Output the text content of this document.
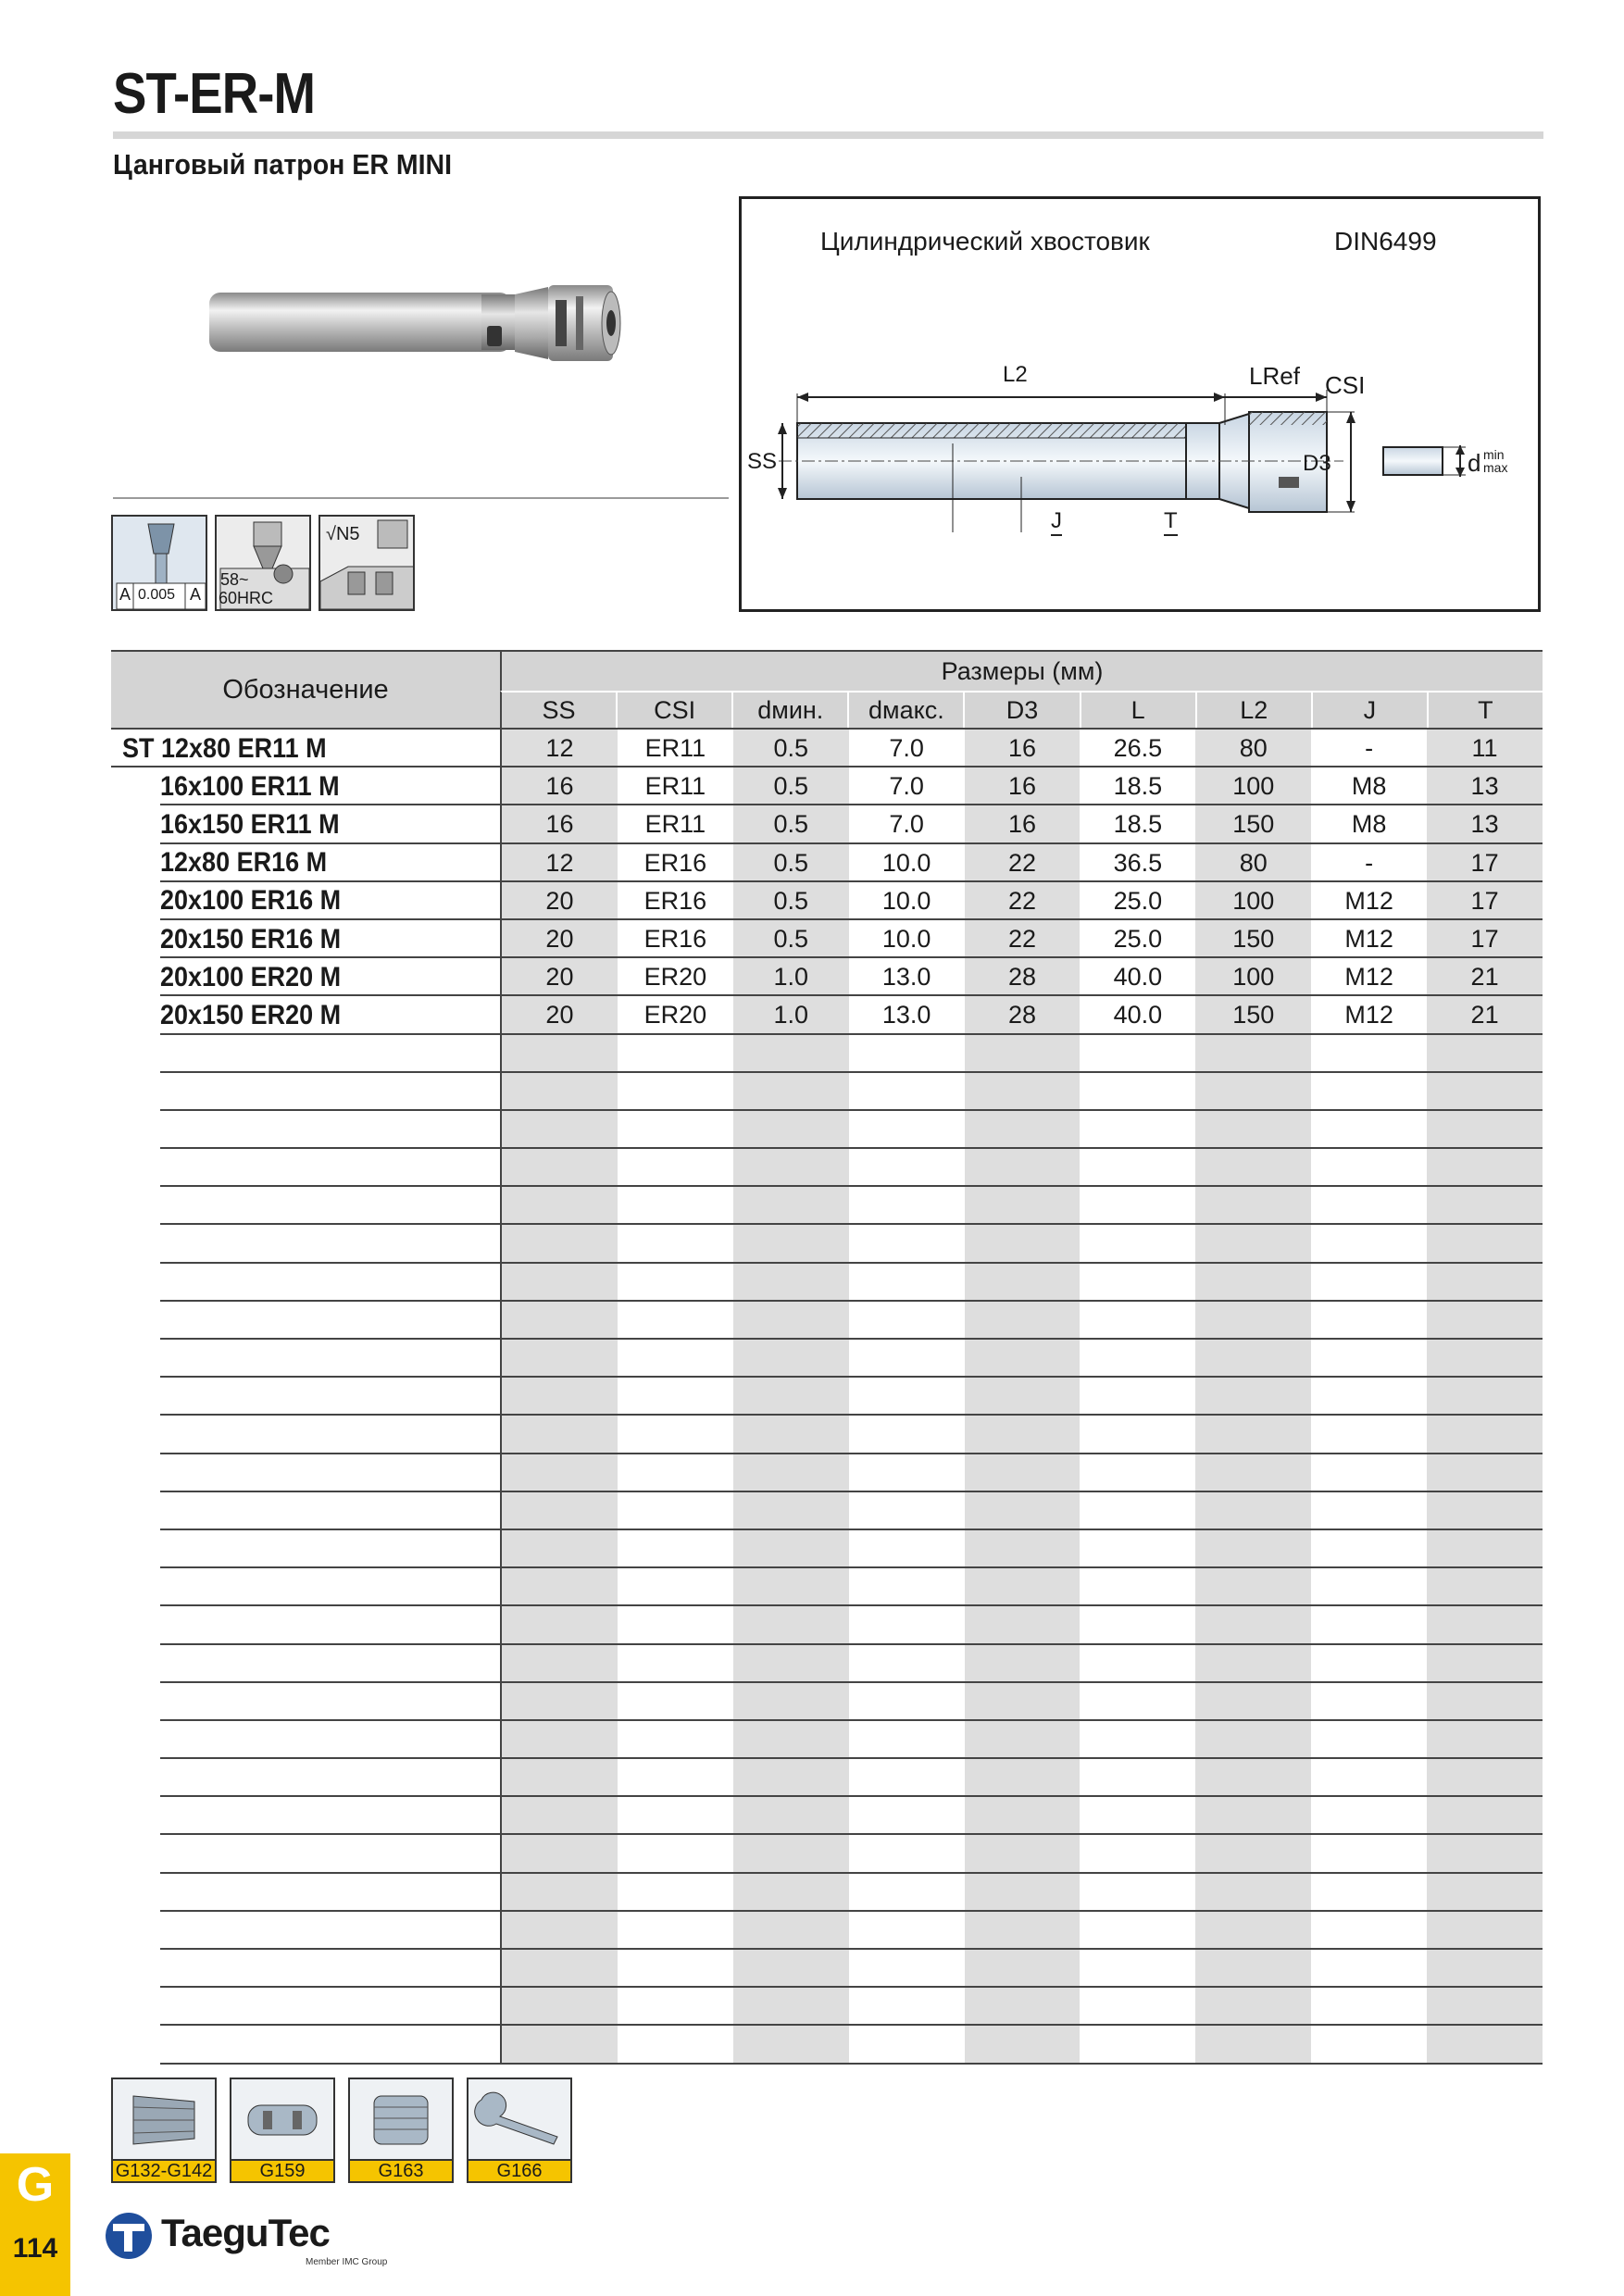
ST-ER-M
Цанговый патрон ER MINI
A 0.005 A
58~
60HRC
√N5
Цилиндрический хвостовик	DIN6499
L2	LRef CSI
SS	D3
J	T
d min
max
Обозначение
Размеры (мм)
SS	CSI	dмин.	dмакс.	D3	L	L2	J	T
ST 12x80 ER11 M	12	ER11	0.5	7.0	16	26.5	80	-	11
16x100 ER11 M	16	ER11	0.5	7.0	16	18.5	100	M8	13
16x150 ER11 M	16	ER11	0.5	7.0	16	18.5	150	M8	13
12x80 ER16 M	12	ER16	0.5	10.0	22	36.5	80	-	17
20x100 ER16 M	20	ER16	0.5	10.0	22	25.0	100	M12	17
20x150 ER16 M	20	ER16	0.5	10.0	22	25.0	150	M12	17
20x100 ER20 M	20	ER20	1.0	13.0	28	40.0	100	M12	21
20x150 ER20 M	20	ER20	1.0	13.0	28	40.0	150	M12	21
G132-G142	G159	G163	G166
G
114	TaeguTec
Member IMC Group
